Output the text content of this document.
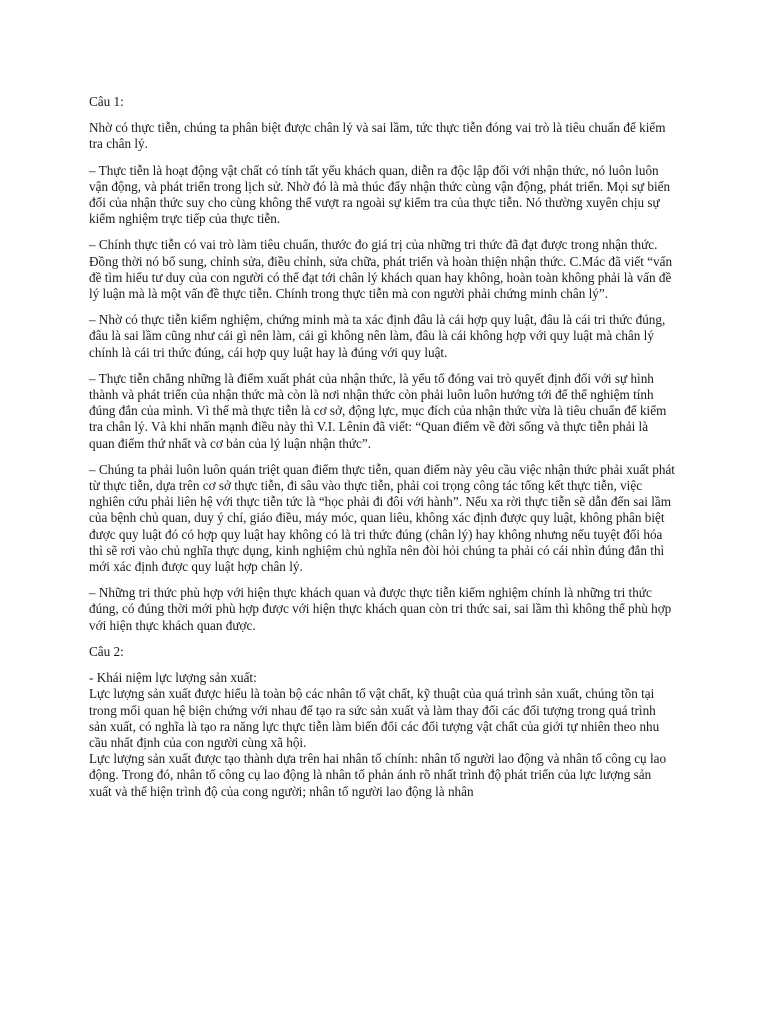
Câu 1:

Nhờ có thực tiễn, chúng ta phân biệt được chân lý và sai lầm, tức thực tiễn đóng vai trò là tiêu chuẩn để kiểm tra chân lý.

– Thực tiễn là hoạt động vật chất có tính tất yếu khách quan, diễn ra độc lập đối với nhận thức, nó luôn luôn vận động, và phát triển trong lịch sử. Nhờ đó là mà thúc đẩy nhận thức cùng vận động, phát triển. Mọi sự biến đổi của nhận thức suy cho cùng không thể vượt ra ngoài sự kiểm tra của thực tiễn. Nó thường xuyên chịu sự kiểm nghiệm trực tiếp của thực tiễn.

– Chính thực tiễn có vai trò làm tiêu chuẩn, thước đo giá trị của những tri thức đã đạt được trong nhận thức. Đồng thời nó bổ sung, chỉnh sửa, điều chỉnh, sửa chữa, phát triển và hoàn thiện nhận thức. C.Mác đã viết “vấn đề tìm hiểu tư duy của con người có thể đạt tới chân lý khách quan hay không, hoàn toàn không phải là vấn đề lý luận mà là một vấn đề thực tiễn. Chính trong thực tiễn mà con người phải chứng minh chân lý”.

– Nhờ có thực tiễn kiểm nghiệm, chứng minh mà ta xác định đâu là cái hợp quy luật, đâu là cái tri thức đúng, đâu là sai lầm cũng như cái gì nên làm, cái gì không nên làm, đâu là cái không hợp với quy luật mà chân lý chính là cái tri thức đúng, cái hợp quy luật hay là đúng với quy luật.

– Thực tiễn chẳng những là điểm xuất phát của nhận thức, là yếu tố đóng vai trò quyết định đối với sự hình thành và phát triển của nhận thức mà còn là nơi nhận thức còn phải luôn luôn hướng tới để thể nghiệm tính đúng đắn của mình. Vì thế mà thực tiễn là cơ sở, động lực, mục đích của nhận thức vừa là tiêu chuẩn để kiểm tra chân lý. Và khi nhấn mạnh điều này thì V.I. Lênin đã viết: “Quan điểm về đời sống và thực tiễn phải là quan điểm thứ nhất và cơ bản của lý luận nhận thức”.

– Chúng ta phải luôn luôn quán triệt quan điểm thực tiễn, quan điểm này yêu cầu việc nhận thức phải xuất phát từ thực tiễn, dựa trên cơ sở thực tiễn, đi sâu vào thực tiễn, phải coi trọng công tác tổng kết thực tiễn, việc nghiên cứu phải liên hệ với thực tiễn tức là “học phải đi đôi với hành”. Nếu xa rời thực tiễn sẽ dẫn đến sai lầm của bệnh chủ quan, duy ý chí, giáo điều, máy móc, quan liêu, không xác định được quy luật, không phân biệt được quy luật đó có hợp quy luật hay không có là tri thức đúng (chân lý) hay không nhưng nếu tuyệt đối hóa thì sẽ rơi vào chủ nghĩa thực dụng, kinh nghiệm chủ nghĩa nên đòi hỏi chúng ta phải có cái nhìn đúng đắn thì mới xác định được quy luật hợp chân lý.

– Những tri thức phù hợp với hiện thực khách quan và được thực tiễn kiểm nghiệm chính là những tri thức đúng, có đúng thời mới phù hợp được với hiện thực khách quan còn tri thức sai, sai lầm thì không thể phù hợp với hiện thực khách quan được.

Câu 2:

- Khái niệm lực lượng sản xuất:

Lực lượng sản xuất được hiểu là toàn bộ các nhân tố vật chất, kỹ thuật của quá trình sản xuất, chúng tồn tại trong mối quan hệ biện chứng với nhau để tạo ra sức sản xuất và làm thay đổi các đối tượng trong quá trình sản xuất, có nghĩa là tạo ra năng lực thực tiễn làm biến đổi các đối tượng vật chất của giới tự nhiên theo nhu cầu nhất định của con người cùng xã hội.

Lực lượng sản xuất được tạo thành dựa trên hai nhân tố chính: nhân tố người lao động và nhân tố công cụ lao động. Trong đó, nhân tố công cụ lao động là nhân tố phản ánh rõ nhất trình độ phát triển của lực lượng sản xuất và thể hiện trình độ của cong người; nhân tố người lao động là nhân
